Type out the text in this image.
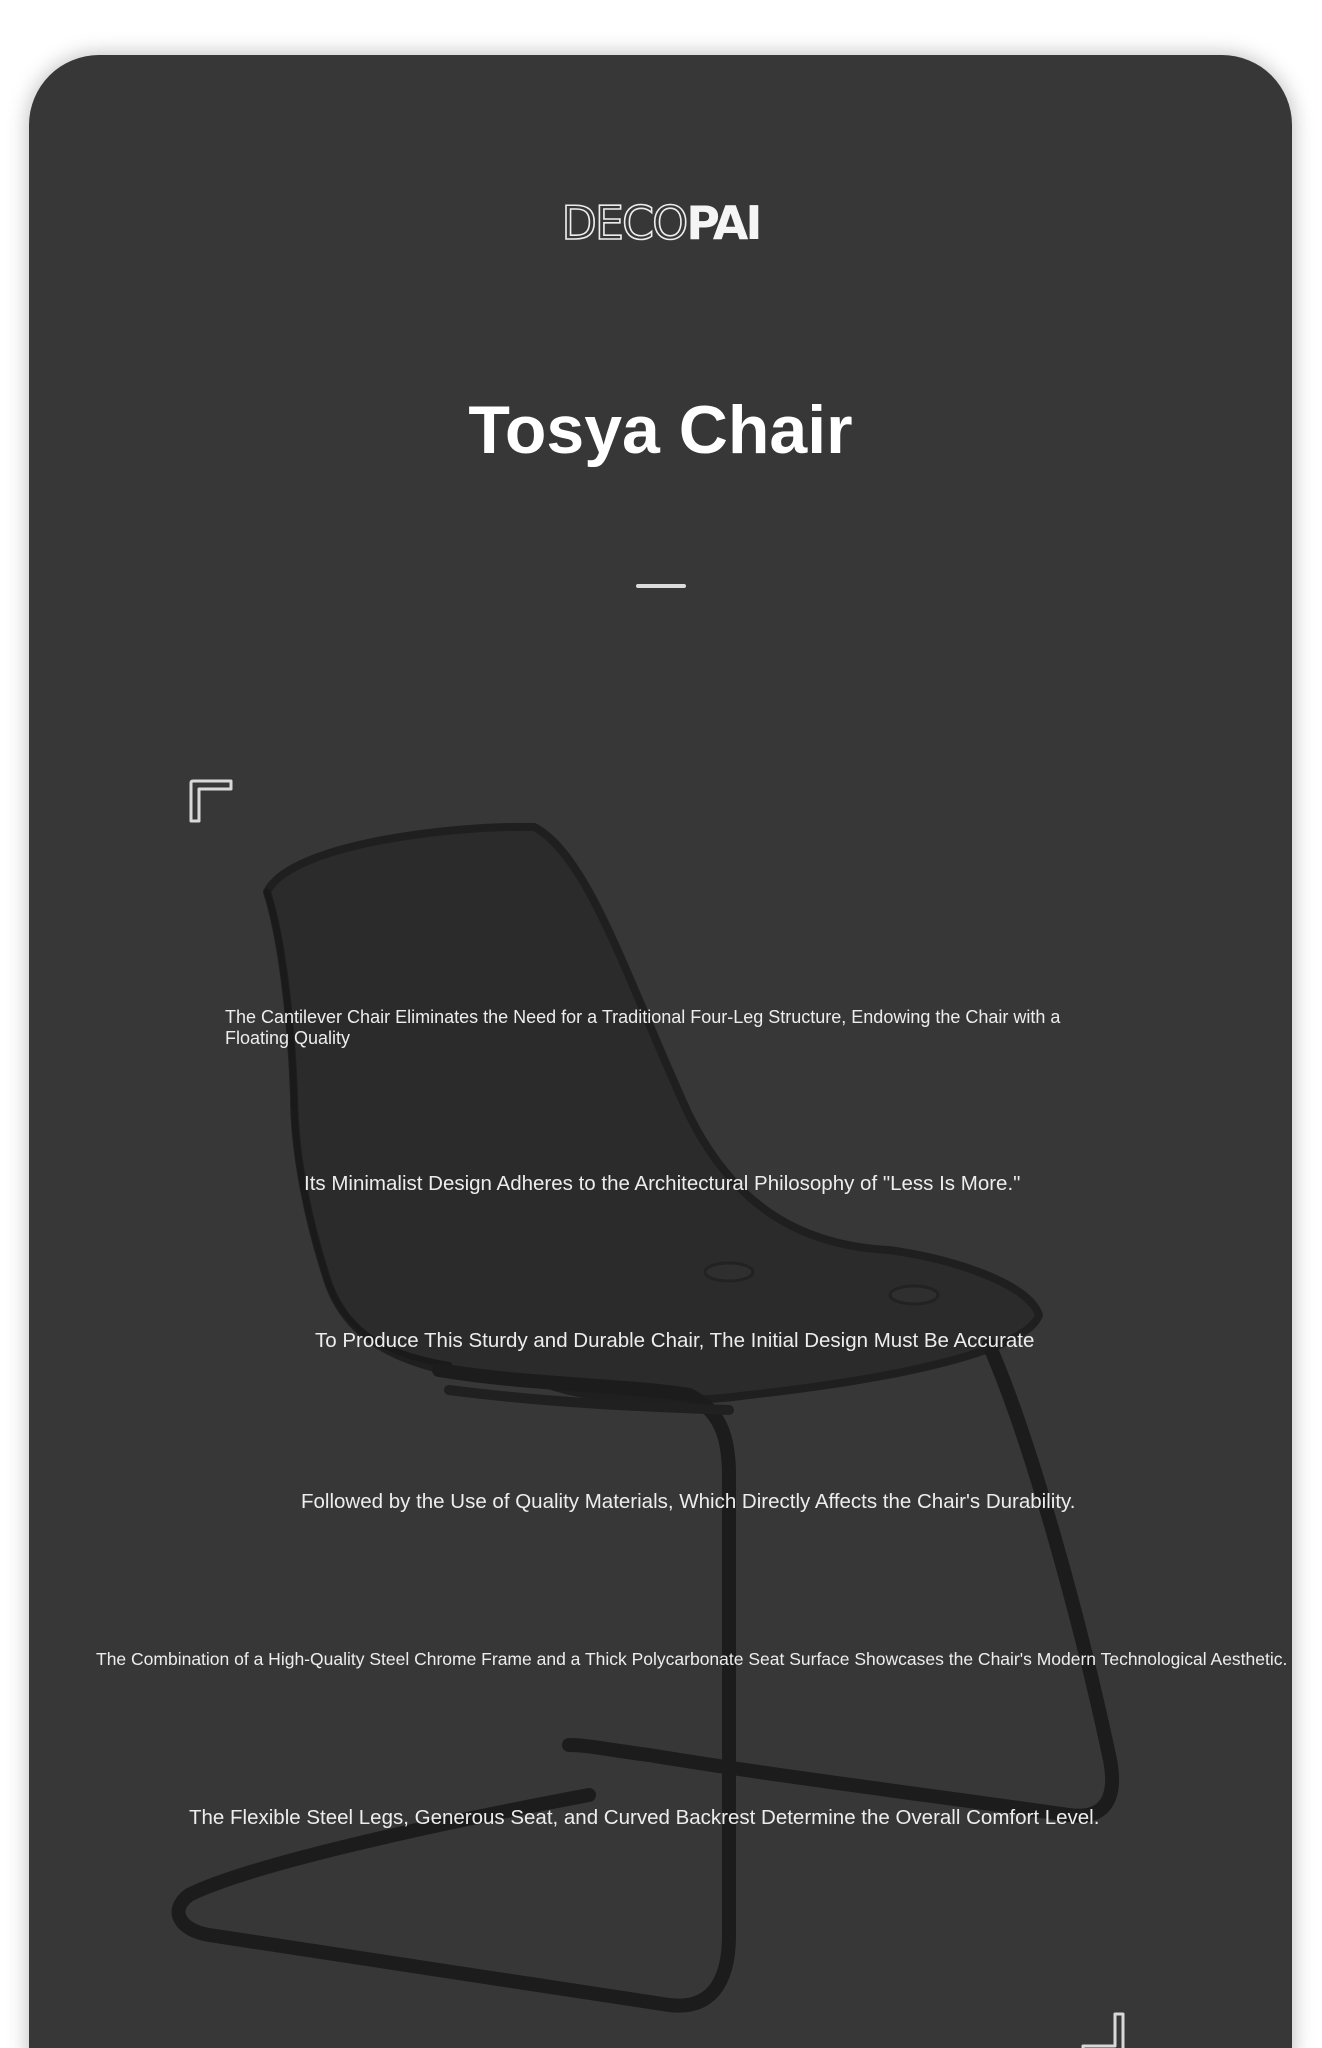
DECOPAI
Tosya Chair

The Cantilever Chair Eliminates the Need for a Traditional Four-Leg Structure, Endowing the Chair with a Floating Quality

Its Minimalist Design Adheres to the Architectural Philosophy of "Less Is More."

To Produce This Sturdy and Durable Chair, The Initial Design Must Be Accurate

Followed by the Use of Quality Materials, Which Directly Affects the Chair's Durability.

The Combination of a High-Quality Steel Chrome Frame and a Thick Polycarbonate Seat Surface Showcases the Chair's Modern Technological Aesthetic.

The Flexible Steel Legs, Generous Seat, and Curved Backrest Determine the Overall Comfort Level.
